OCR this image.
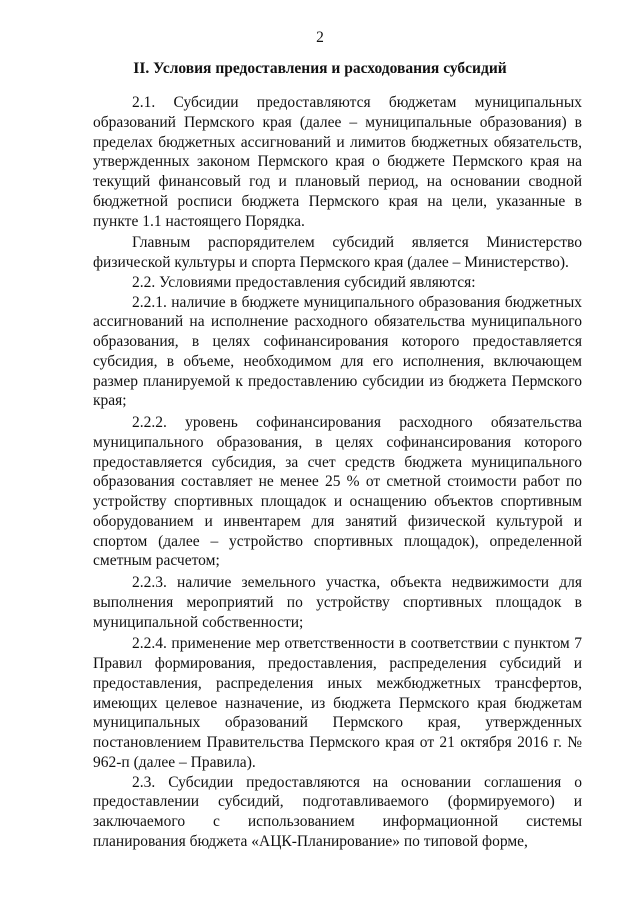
2
II. Условия предоставления и расходования субсидий

2.1. Субсидии предоставляются бюджетам муниципальных образований Пермского края (далее – муниципальные образования) в пределах бюджетных ассигнований и лимитов бюджетных обязательств, утвержденных законом Пермского края о бюджете Пермского края на текущий финансовый год и плановый период, на основании сводной бюджетной росписи бюджета Пермского края на цели, указанные в пункте 1.1 настоящего Порядка.

Главным распорядителем субсидий является Министерство физической культуры и спорта Пермского края (далее – Министерство).

2.2. Условиями предоставления субсидий являются:

2.2.1. наличие в бюджете муниципального образования бюджетных ассигнований на исполнение расходного обязательства муниципального образования, в целях софинансирования которого предоставляется субсидия, в объеме, необходимом для его исполнения, включающем размер планируемой к предоставлению субсидии из бюджета Пермского края;

2.2.2. уровень софинансирования расходного обязательства муниципального образования, в целях софинансирования которого предоставляется субсидия, за счет средств бюджета муниципального образования составляет не менее 25 % от сметной стоимости работ по устройству спортивных площадок и оснащению объектов спортивным оборудованием и инвентарем для занятий физической культурой и спортом (далее – устройство спортивных площадок), определенной сметным расчетом;

2.2.3. наличие земельного участка, объекта недвижимости для выполнения мероприятий по устройству спортивных площадок в муниципальной собственности;

2.2.4. применение мер ответственности в соответствии с пунктом 7 Правил формирования, предоставления, распределения субсидий и предоставления, распределения иных межбюджетных трансфертов, имеющих целевое назначение, из бюджета Пермского края бюджетам муниципальных образований Пермского края, утвержденных постановлением Правительства Пермского края от 21 октября 2016 г. № 962-п (далее – Правила).

2.3. Субсидии предоставляются на основании соглашения о предоставлении субсидий, подготавливаемого (формируемого) и заключаемого с использованием информационной системы планирования бюджета «АЦК-Планирование» по типовой форме,
